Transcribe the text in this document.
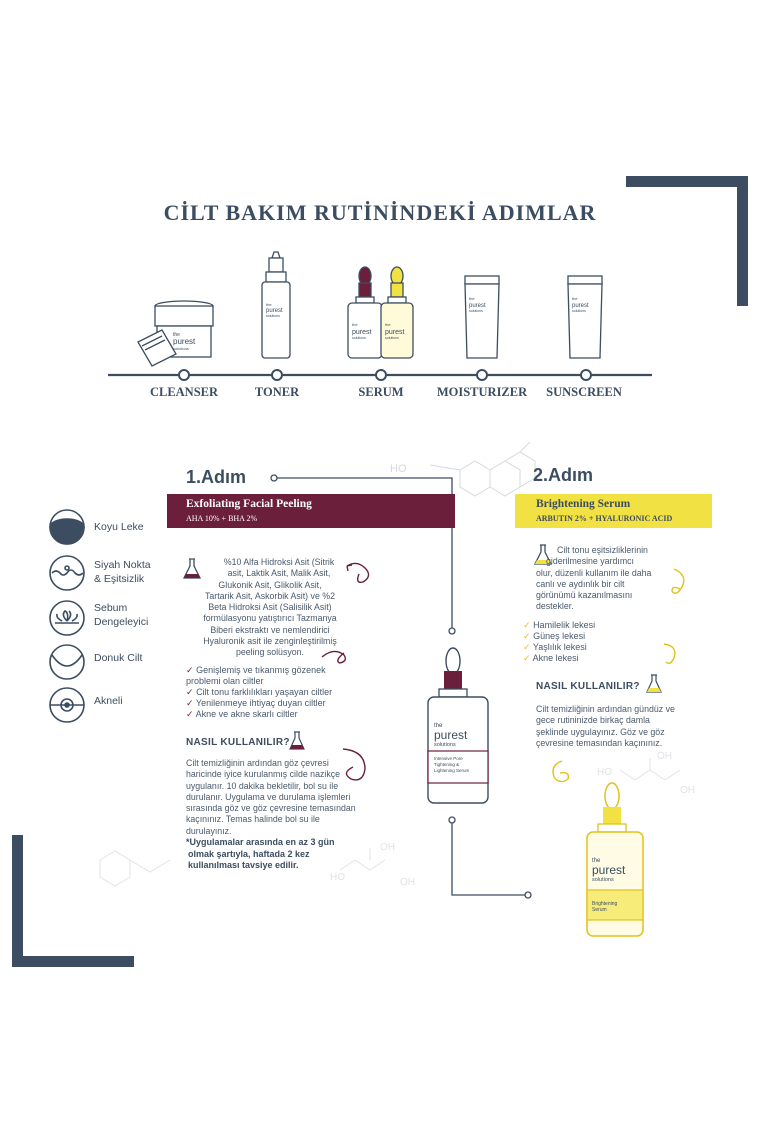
CİLT BAKIM RUTİNİNDEKİ ADIMLAR
the
purest
solutions
the
purest
solutions
the
purest
solutions
the
purest
solutions
the
purest
solutions
the
purest
solutions
CLEANSER	TONER	SERUM	MOISTURIZER	SUNSCREEN
HO
HO
OH
OH
HO
OH
OH
Koyu Leke
Siyah Nokta
& Eşitsizlik
Sebum
Dengeleyici
Donuk Cilt
Akneli
1.Adım
Exfoliating Facial Peeling
AHA 10% + BHA 2%
%10 Alfa Hidroksi Asit (Sitrik
asit, Laktik Asit, Malik Asit,
Glukonik Asit, Glikolik Asit,
Tartarik Asit, Askorbik Asit) ve %2
Beta Hidroksi Asit (Salisilik Asit)
formülasyonu yatıştırıcı Tazmanya
Biberi ekstraktı ve nemlendirici
Hyaluronik asit ile zenginleştirilmiş
peeling solüsyon.
✓ Genişlemiş ve tıkanmış gözenek problemi olan ciltler
✓ Cilt tonu farklılıkları yaşayan ciltler
✓ Yenilenmeye ihtiyaç duyan ciltler
✓ Akne ve akne skarlı ciltler
NASIL KULLANILIR?
Cilt temizliğinin ardından göz çevresi
haricinde iyice kurulanmış cilde nazikçe
uygulanır. 10 dakika bekletilir, bol su ile
durulanır. Uygulama ve durulama işlemleri
sırasında göz ve göz çevresine temasından
kaçınınız. Temas halinde bol su ile
durulayınız.
*Uygulamalar arasında en az 3 gün
olmak şartıyla, haftada 2 kez
kullanılması tavsiye edilir.
the
purest
solutions
Intensive Pore
Tightening &
Lightening Serum
2.Adım
Brightening Serum
ARBUTIN 2% + HYALURONIC ACID
Cilt tonu eşitsizliklerinin
giderilmesine yardımcı
olur, düzenli kullanım ile daha
canlı ve aydınlık bir cilt
görünümü kazanılmasını
destekler.
✓ Hamilelik lekesi
✓ Güneş lekesi
✓ Yaşlılık lekesi
✓ Akne lekesi
NASIL KULLANILIR?
Cilt temizliğinin ardından gündüz ve
gece rutininizde birkaç damla
şeklinde uygulayınız. Göz ve göz
çevresine temasından kaçınınız.
the
purest
solutions
Brightening
Serum
